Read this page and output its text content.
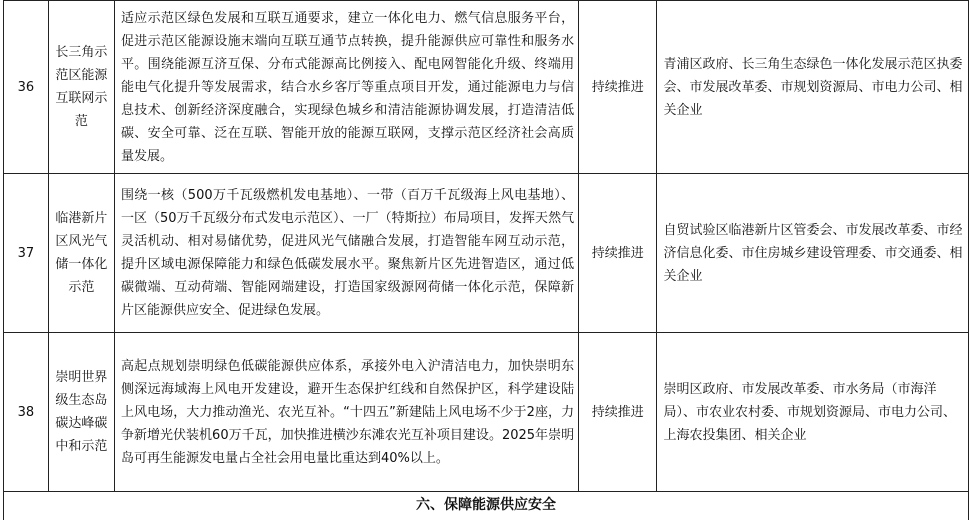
36	长三角示范区能源互联网示范	适应示范区绿色发展和互联互通要求，建立一体化电力、燃气信息服务平台，促进示范区能源设施末端向互联互通节点转换，提升能源供应可靠性和服务水平。围绕能源互济互保、分布式能源高比例接入、配电网智能化升级、终端用能电气化提升等发展需求，结合水乡客厅等重点项目开发，通过能源电力与信息技术、创新经济深度融合，实现绿色城乡和清洁能源协调发展，打造清洁低碳、安全可靠、泛在互联、智能开放的能源互联网，支撑示范区经济社会高质量发展。	持续推进	青浦区政府、长三角生态绿色一体化发展示范区执委会、市发展改革委、市规划资源局、市电力公司、相关企业
37	临港新片区风光气储一体化示范	围绕一核（500万千瓦级燃机发电基地）、一带（百万千瓦级海上风电基地）、一区（50万千瓦级分布式发电示范区）、一厂（特斯拉）布局项目，发挥天然气灵活机动、相对易储优势，促进风光气储融合发展，打造智能车网互动示范，提升区域电源保障能力和绿色低碳发展水平。聚焦新片区先进智造区，通过低碳微端、互动荷端、智能网端建设，打造国家级源网荷储一体化示范，保障新片区能源供应安全、促进绿色发展。	持续推进	自贸试验区临港新片区管委会、市发展改革委、市经济信息化委、市住房城乡建设管理委、市交通委、相关企业
38	崇明世界级生态岛碳达峰碳中和示范	高起点规划崇明绿色低碳能源供应体系，承接外电入沪清洁电力，加快崇明东侧深远海域海上风电开发建设，避开生态保护红线和自然保护区，科学建设陆上风电场，大力推动渔光、农光互补。“十四五”新建陆上风电场不少于2座，力争新增光伏装机60万千瓦，加快推进横沙东滩农光互补项目建设。2025年崇明岛可再生能源发电量占全社会用电量比重达到40%以上。	持续推进	崇明区政府、市发展改革委、市水务局（市海洋局）、市农业农村委、市规划资源局、市电力公司、上海农投集团、相关企业
六、保障能源供应安全				
